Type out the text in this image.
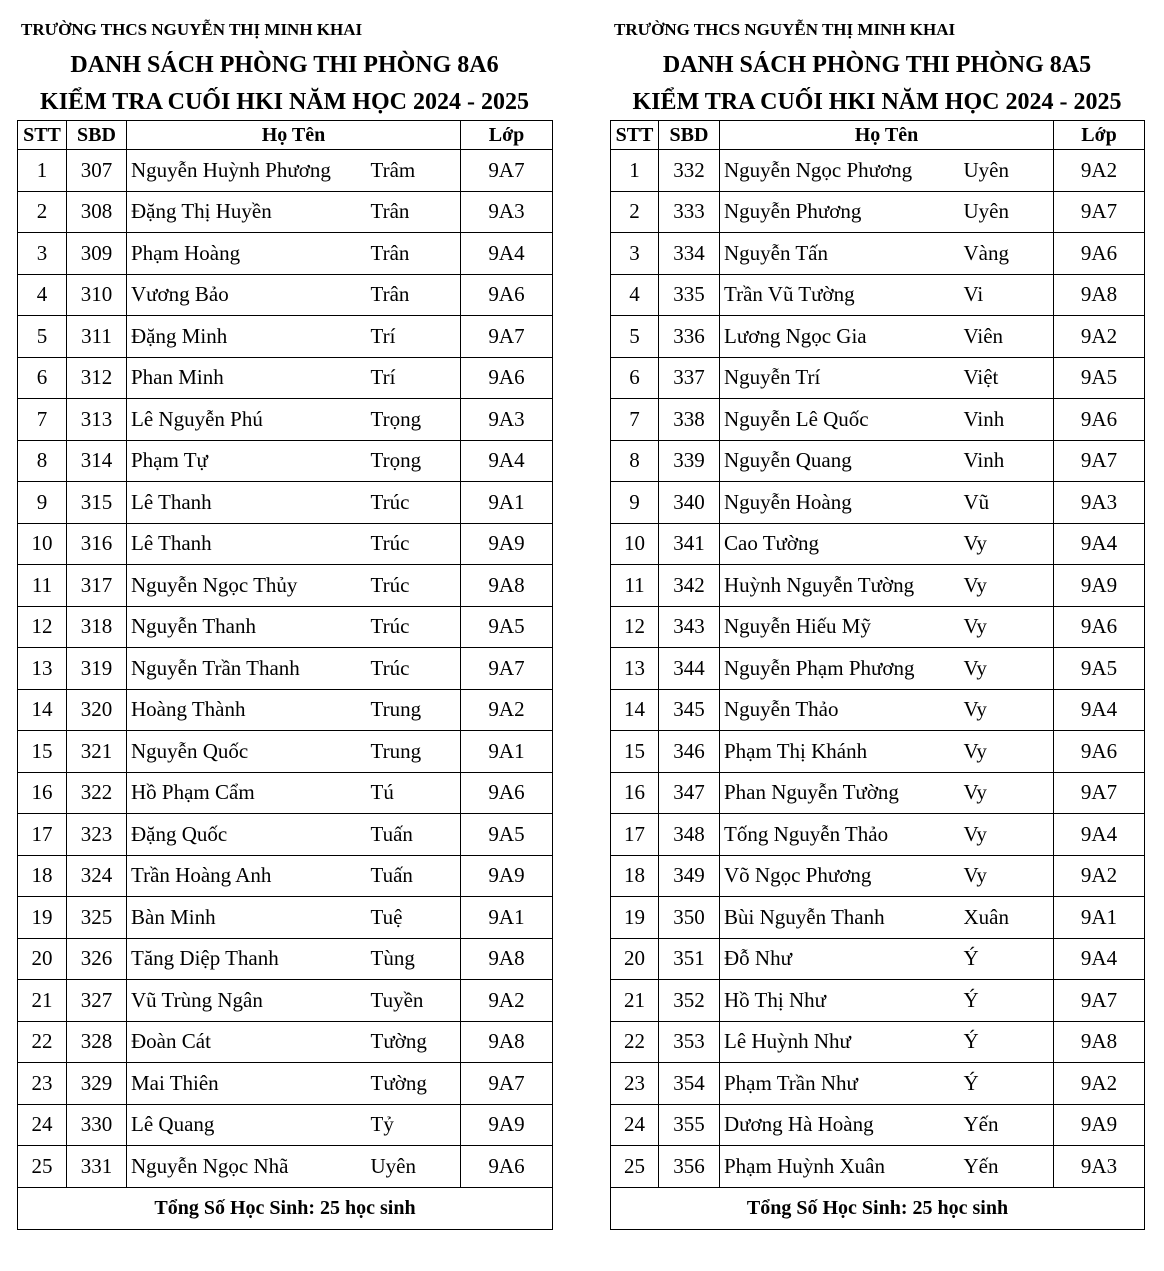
TRƯỜNG THCS NGUYỄN THỊ MINH KHAI
DANH SÁCH PHÒNG THI PHÒNG 8A6
KIỂM TRA CUỐI HKI NĂM HỌC 2024 - 2025
STT	SBD	Họ Tên		Lớp
1	307	Nguyễn Huỳnh Phương	Trâm	9A7
2	308	Đặng Thị Huyền	Trân	9A3
3	309	Phạm Hoàng	Trân	9A4
4	310	Vương Bảo	Trân	9A6
5	311	Đặng Minh	Trí	9A7
6	312	Phan Minh	Trí	9A6
7	313	Lê Nguyễn Phú	Trọng	9A3
8	314	Phạm Tự	Trọng	9A4
9	315	Lê Thanh	Trúc	9A1
10	316	Lê Thanh	Trúc	9A9
11	317	Nguyễn Ngọc Thủy	Trúc	9A8
12	318	Nguyễn Thanh	Trúc	9A5
13	319	Nguyễn Trần Thanh	Trúc	9A7
14	320	Hoàng Thành	Trung	9A2
15	321	Nguyễn Quốc	Trung	9A1
16	322	Hồ Phạm Cẩm	Tú	9A6
17	323	Đặng Quốc	Tuấn	9A5
18	324	Trần Hoàng Anh	Tuấn	9A9
19	325	Bàn Minh	Tuệ	9A1
20	326	Tăng Diệp Thanh	Tùng	9A8
21	327	Vũ Trùng Ngân	Tuyền	9A2
22	328	Đoàn Cát	Tường	9A8
23	329	Mai Thiên	Tường	9A7
24	330	Lê Quang	Tỷ	9A9
25	331	Nguyễn Ngọc Nhã	Uyên	9A6
Tổng Số Học Sinh: 25 học sinh				
TRƯỜNG THCS NGUYỄN THỊ MINH KHAI
DANH SÁCH PHÒNG THI PHÒNG 8A5
KIỂM TRA CUỐI HKI NĂM HỌC 2024 - 2025
STT	SBD	Họ Tên		Lớp
1	332	Nguyễn Ngọc Phương	Uyên	9A2
2	333	Nguyễn Phương	Uyên	9A7
3	334	Nguyễn Tấn	Vàng	9A6
4	335	Trần Vũ Tường	Vi	9A8
5	336	Lương Ngọc Gia	Viên	9A2
6	337	Nguyễn Trí	Việt	9A5
7	338	Nguyễn Lê Quốc	Vinh	9A6
8	339	Nguyễn Quang	Vinh	9A7
9	340	Nguyễn Hoàng	Vũ	9A3
10	341	Cao Tường	Vy	9A4
11	342	Huỳnh Nguyễn Tường	Vy	9A9
12	343	Nguyễn Hiếu Mỹ	Vy	9A6
13	344	Nguyễn Phạm Phương	Vy	9A5
14	345	Nguyễn Thảo	Vy	9A4
15	346	Phạm Thị Khánh	Vy	9A6
16	347	Phan Nguyễn Tường	Vy	9A7
17	348	Tống Nguyễn Thảo	Vy	9A4
18	349	Võ Ngọc Phương	Vy	9A2
19	350	Bùi Nguyễn Thanh	Xuân	9A1
20	351	Đỗ Như	Ý	9A4
21	352	Hồ Thị Như	Ý	9A7
22	353	Lê Huỳnh Như	Ý	9A8
23	354	Phạm Trần Như	Ý	9A2
24	355	Dương Hà Hoàng	Yến	9A9
25	356	Phạm Huỳnh Xuân	Yến	9A3
Tổng Số Học Sinh: 25 học sinh				
